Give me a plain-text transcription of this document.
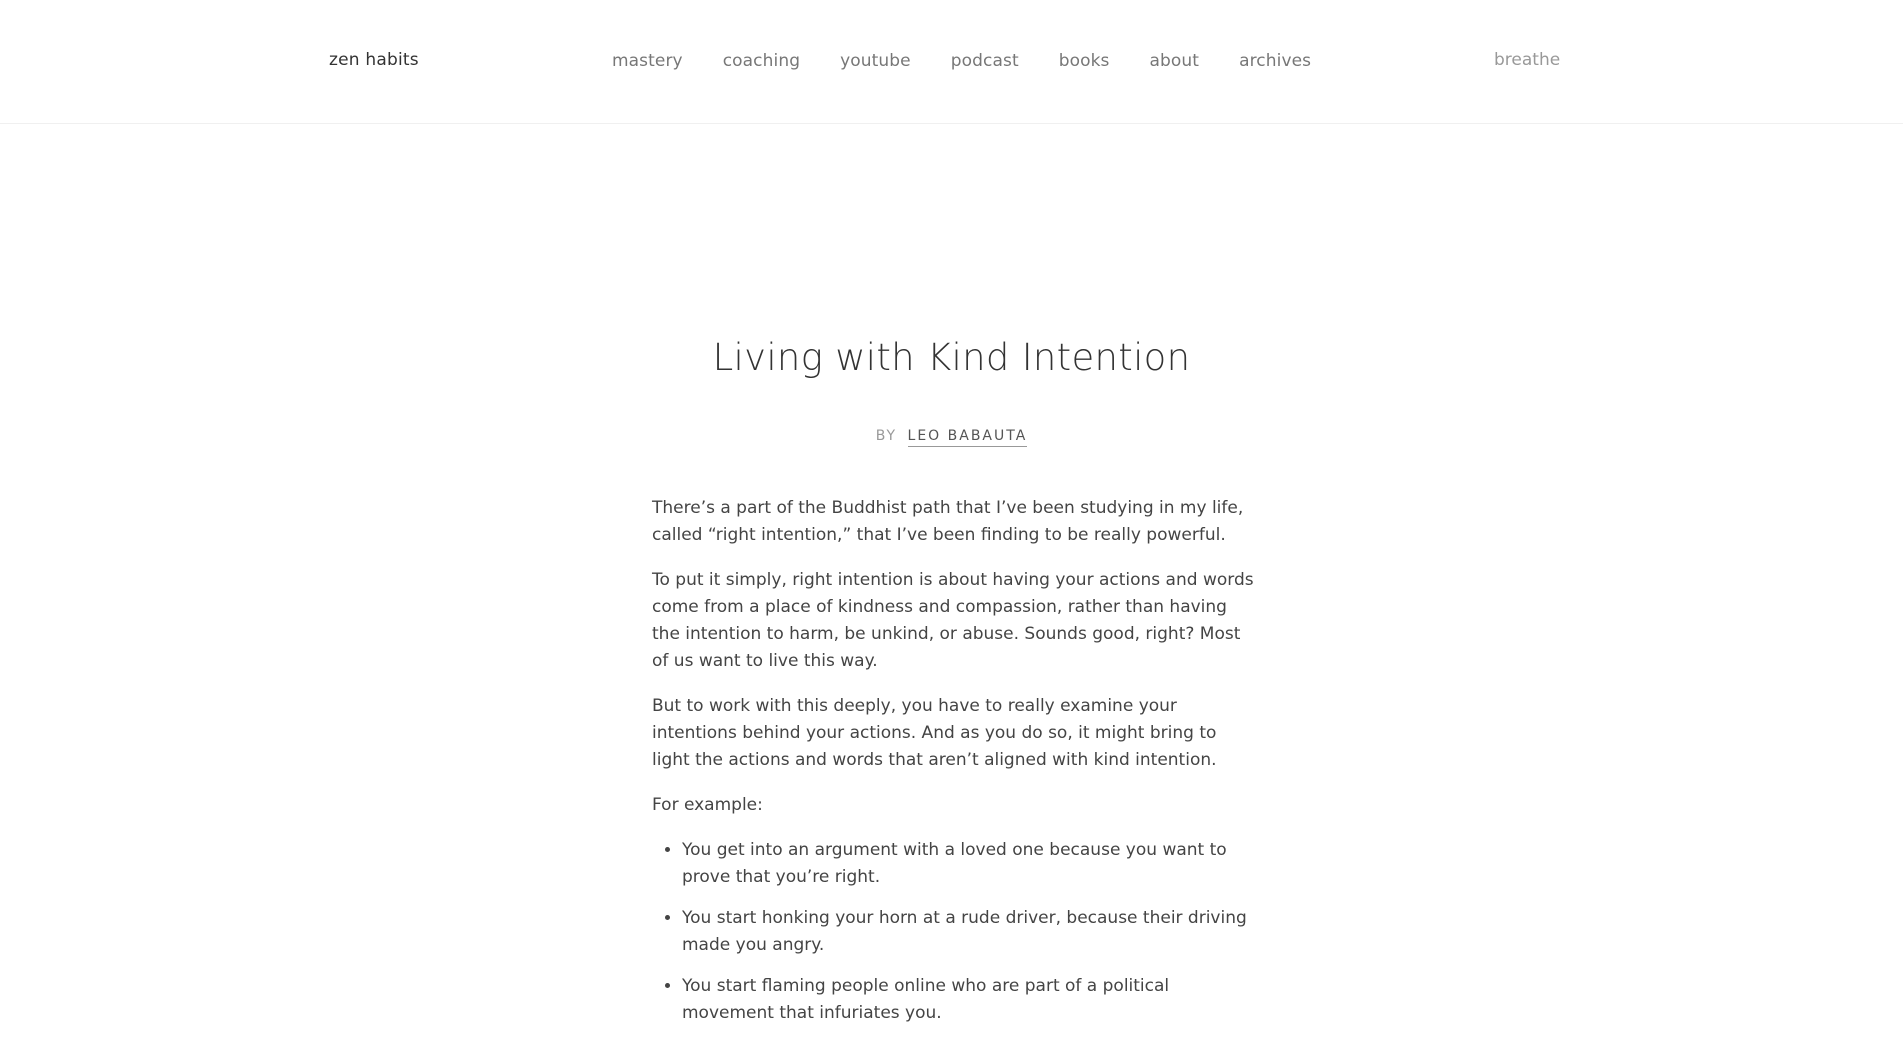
zen habits	mastery coaching youtube podcast books about archives	breathe
Living with Kind Intention
BY LEO BABAUTA

There’s a part of the Buddhist path that I’ve been studying in my life, called “right intention,” that I’ve been finding to be really powerful.

To put it simply, right intention is about having your actions and words come from a place of kindness and compassion, rather than having the intention to harm, be unkind, or abuse. Sounds good, right? Most of us want to live this way.

But to work with this deeply, you have to really examine your intentions behind your actions. And as you do so, it might bring to light the actions and words that aren’t aligned with kind intention.

For example:

• You get into an argument with a loved one because you want to prove that you’re right.
• You start honking your horn at a rude driver, because their driving made you angry.
• You start flaming people online who are part of a political movement that infuriates you.
